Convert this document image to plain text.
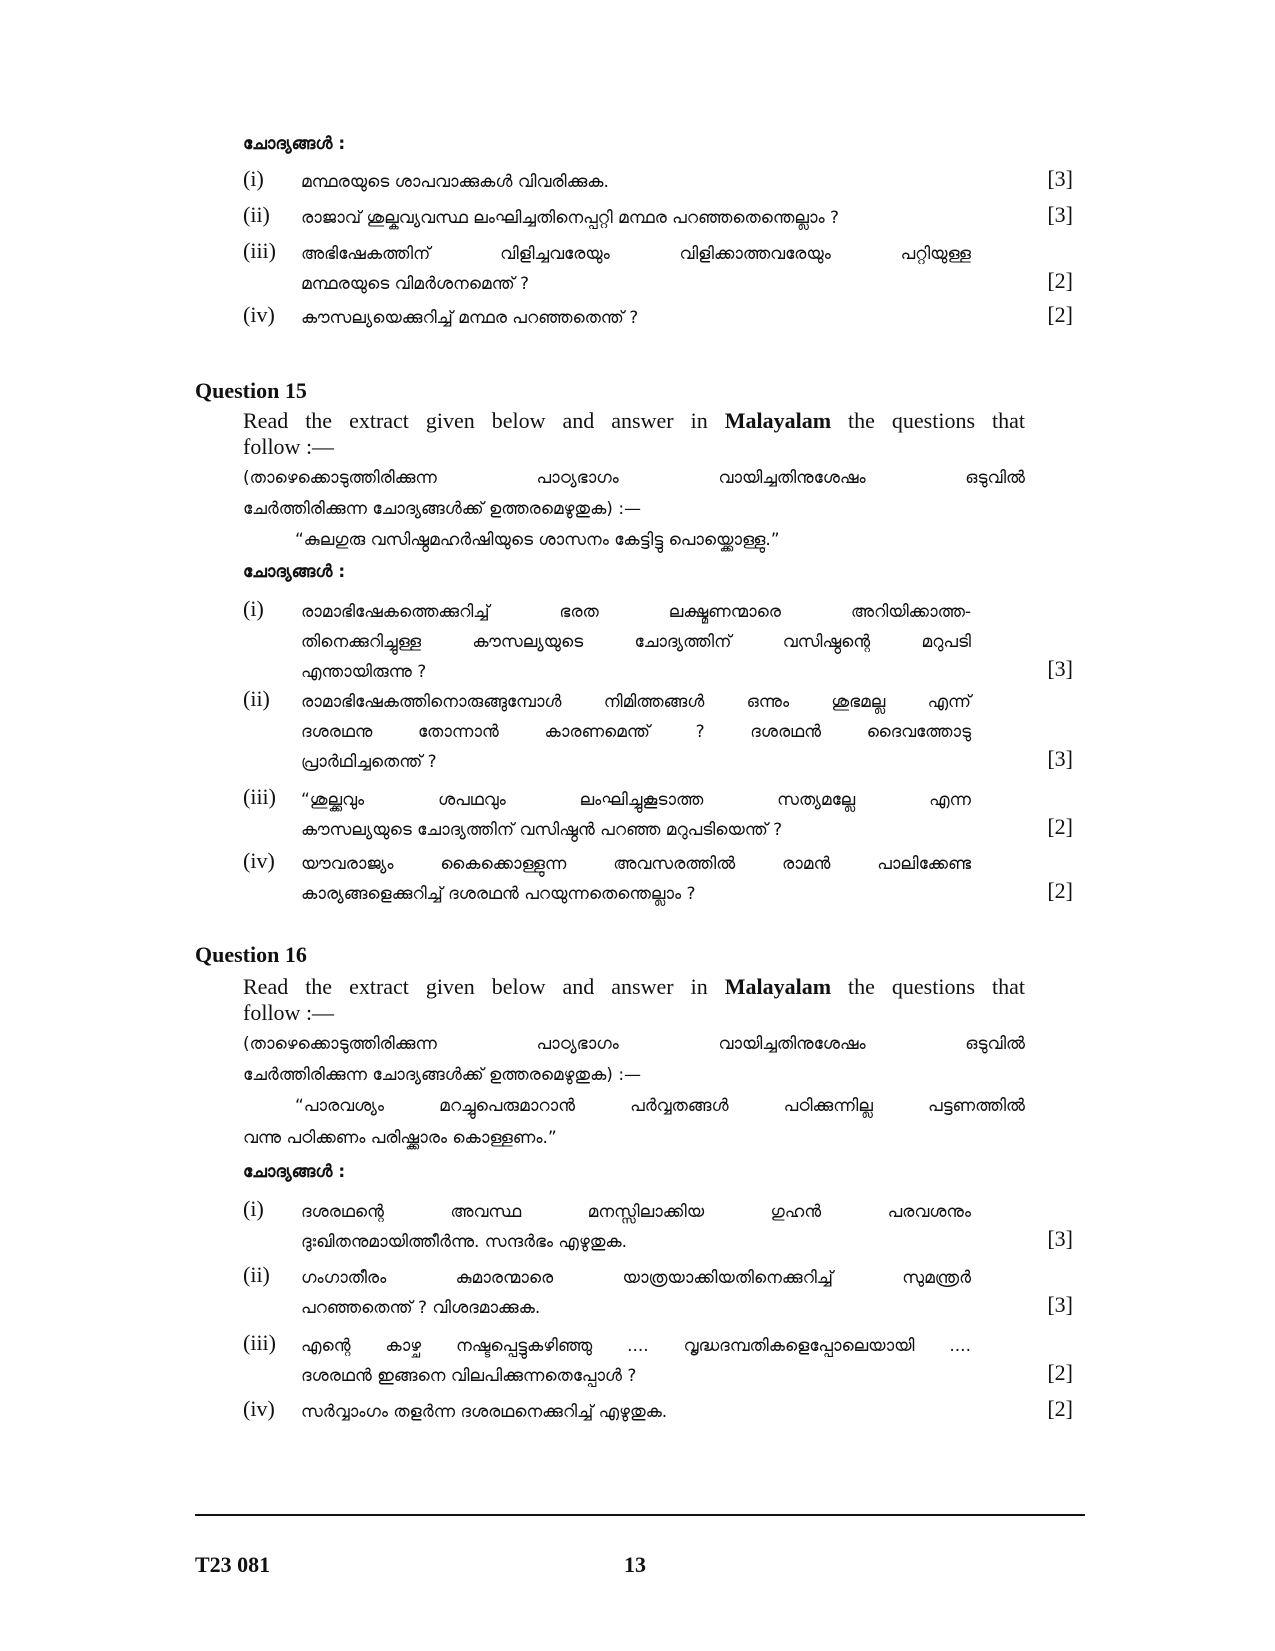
ചോദ്യങ്ങൾ :
(i) മന്ഥരയുടെ ശാപവാക്കുകൾ വിവരിക്കുക.	[3]
(ii) രാജാവ് ശുല്കവ്യവസ്ഥ ലംഘിച്ചതിനെപ്പറ്റി മന്ഥര പറഞ്ഞതെന്തെല്ലാം ?	[3]
(iii) അഭിഷേകത്തിന് വിളിച്ചവരേയും വിളിക്കാത്തവരേയും പറ്റിയുള്ള
മന്ഥരയുടെ വിമർശനമെന്ത് ?	[2]
(iv) കൗസല്യയെക്കുറിച്ച് മന്ഥര പറഞ്ഞതെന്ത് ?	[2]
Question 15
Read the extract given below and answer in Malayalam the questions that
follow :—
(താഴെക്കൊടുത്തിരിക്കുന്ന പാഠ്യഭാഗം വായിച്ചതിനുശേഷം ഒടുവിൽ
ചേർത്തിരിക്കുന്ന ചോദ്യങ്ങൾക്ക് ഉത്തരമെഴുതുക) :—
“കുലഗുരു വസിഷ്ഠമഹർഷിയുടെ ശാസനം കേട്ടിട്ടു പൊയ്ക്കൊള്ളു.”
ചോദ്യങ്ങൾ :
(i) രാമാഭിഷേകത്തെക്കുറിച്ച് ഭരത ലക്ഷ്മണന്മാരെ അറിയിക്കാത്ത-
തിനെക്കുറിച്ചുള്ള കൗസല്യയുടെ ചോദ്യത്തിന് വസിഷ്ഠന്റെ മറുപടി
എന്തായിരുന്നു ?	[3]
(ii) രാമാഭിഷേകത്തിനൊരുങ്ങുമ്പോൾ നിമിത്തങ്ങൾ ഒന്നും ശുഭമല്ല എന്ന്
ദശരഥനു തോന്നാൻ കാരണമെന്ത് ? ദശരഥൻ ദൈവത്തോടു
പ്രാർഥിച്ചതെന്ത് ?	[3]
(iii) “ശുല്ക്കവും ശപഥവും ലംഘിച്ചുകൂടാത്ത സത്യമല്ലേ എന്ന
കൗസല്യയുടെ ചോദ്യത്തിന് വസിഷ്ഠൻ പറഞ്ഞ മറുപടിയെന്ത് ?	[2]
(iv) യൗവരാജ്യം കൈക്കൊള്ളുന്ന അവസരത്തിൽ രാമൻ പാലിക്കേണ്ട
കാര്യങ്ങളെക്കുറിച്ച് ദശരഥൻ പറയുന്നതെന്തെല്ലാം ?	[2]
Question 16
Read the extract given below and answer in Malayalam the questions that
follow :—
(താഴെക്കൊടുത്തിരിക്കുന്ന പാഠ്യഭാഗം വായിച്ചതിനുശേഷം ഒടുവിൽ
ചേർത്തിരിക്കുന്ന ചോദ്യങ്ങൾക്ക് ഉത്തരമെഴുതുക) :—
“പാരവശ്യം മറച്ചുപെരുമാറാൻ പർവ്വതങ്ങൾ പഠിക്കുന്നില്ല പട്ടണത്തിൽ
വന്നു പഠിക്കണം പരിഷ്ക്കാരം കൊള്ളണം.”
ചോദ്യങ്ങൾ :
(i) ദശരഥന്റെ അവസ്ഥ മനസ്സിലാക്കിയ ഗുഹൻ പരവശനും
ദുഃഖിതനുമായിത്തീർന്നു. സന്ദർഭം എഴുതുക.	[3]
(ii) ഗംഗാതീരം കുമാരന്മാരെ യാത്രയാക്കിയതിനെക്കുറിച്ച് സുമന്ത്രർ
പറഞ്ഞതെന്ത് ? വിശദമാക്കുക.	[3]
(iii) എന്റെ കാഴ്ച നഷ്ടപ്പെട്ടുകഴിഞ്ഞു .... വൃദ്ധദമ്പതികളെപ്പോലെയായി ....
ദശരഥൻ ഇങ്ങനെ വിലപിക്കുന്നതെപ്പോൾ ?	[2]
(iv) സർവ്വാംഗം തളർന്ന ദശരഥനെക്കുറിച്ച് എഴുതുക.	[2]
T23 081	13
